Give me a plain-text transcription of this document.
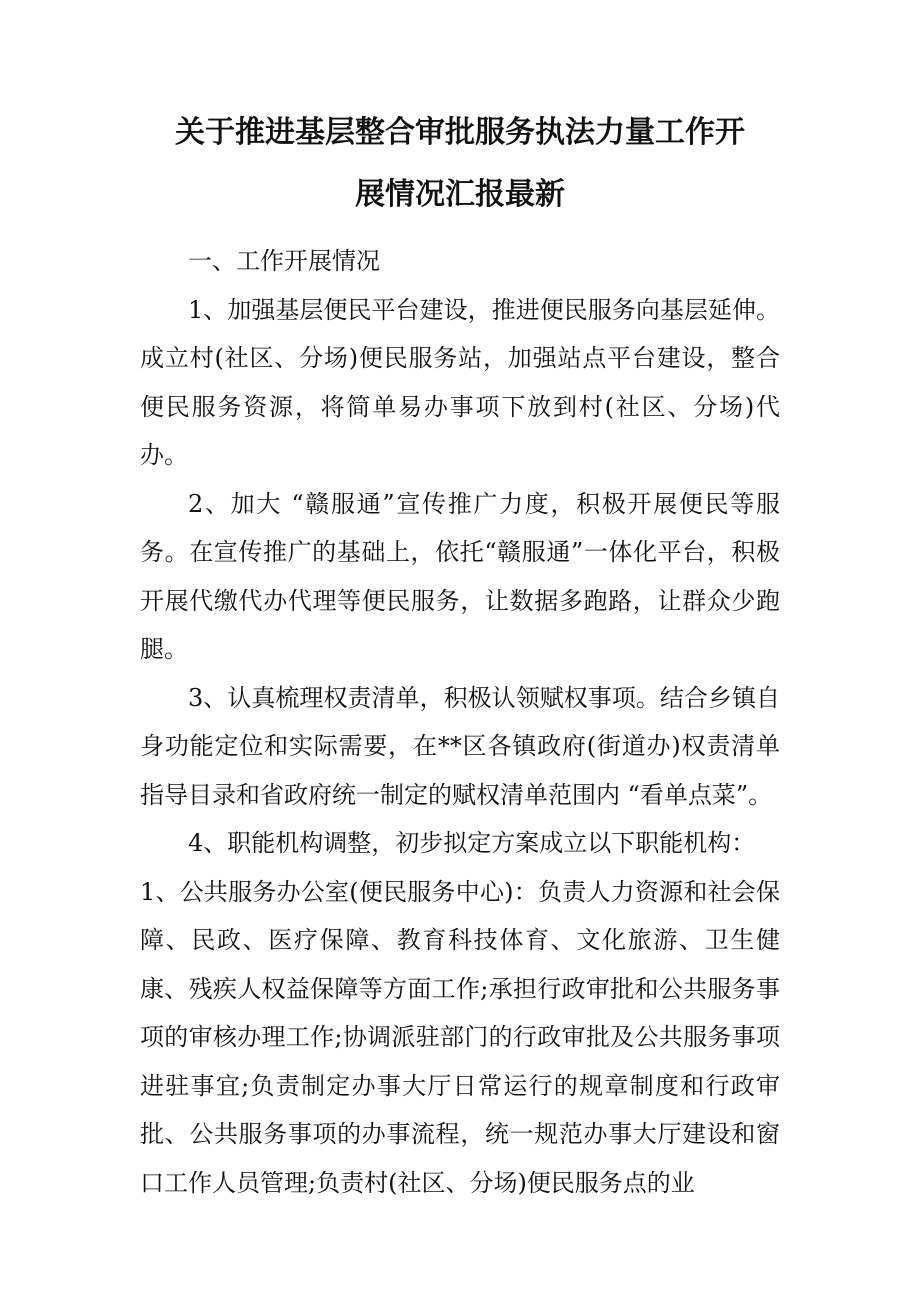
关于推进基层整合审批服务执法力量工作开
展情况汇报最新

一、工作开展情况

1、加强基层便民平台建设，推进便民服务向基层延伸。成立村(社区、分场)便民服务站，加强站点平台建设，整合便民服务资源，将简单易办事项下放到村(社区、分场)代办。

2、加大 “赣服通”宣传推广力度，积极开展便民等服务。在宣传推广的基础上，依托“赣服通”一体化平台，积极开展代缴代办代理等便民服务，让数据多跑路，让群众少跑腿。

3、认真梳理权责清单，积极认领赋权事项。结合乡镇自身功能定位和实际需要，在**区各镇政府(街道办)权责清单指导目录和省政府统一制定的赋权清单范围内 “看单点菜”。

4、职能机构调整，初步拟定方案成立以下职能机构：

1、公共服务办公室(便民服务中心)：负责人力资源和社会保障、民政、医疗保障、教育科技体育、文化旅游、卫生健康、残疾人权益保障等方面工作;承担行政审批和公共服务事项的审核办理工作;协调派驻部门的行政审批及公共服务事项进驻事宜;负责制定办事大厅日常运行的规章制度和行政审批、公共服务事项的办事流程，统一规范办事大厅建设和窗口工作人员管理;负责村(社区、分场)便民服务点的业
